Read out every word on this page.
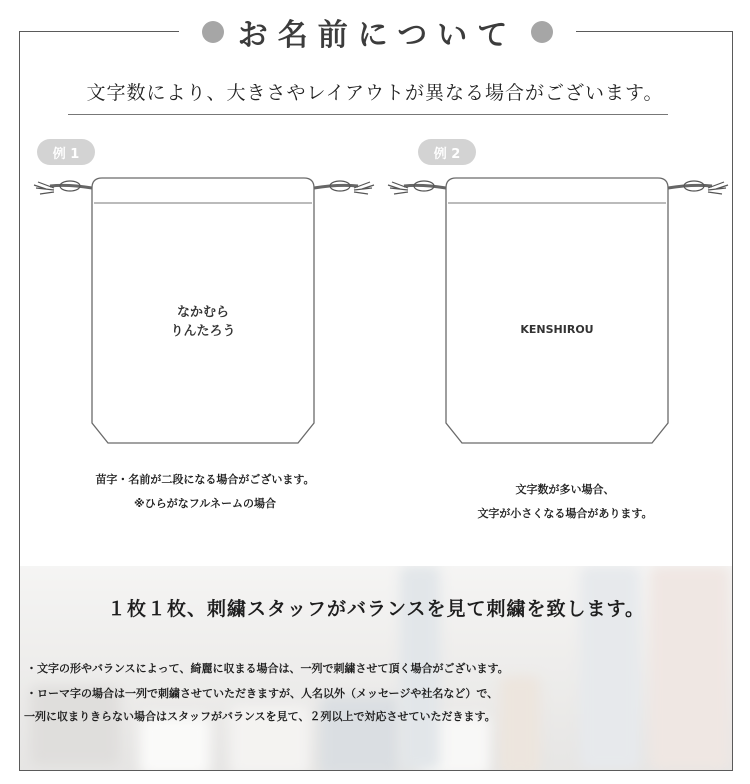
お名前について
文字数により、大きさやレイアウトが異なる場合がございます。
例 1
なかむら
りんたろう
苗字・名前が二段になる場合がございます。
※ひらがなフルネームの場合
例 2
KENSHIROU
文字数が多い場合、
文字が小さくなる場合があります。
１枚１枚、刺繍スタッフがバランスを見て刺繍を致します。
・文字の形やバランスによって、綺麗に収まる場合は、一列で刺繍させて頂く場合がございます。
・ローマ字の場合は一列で刺繍させていただきますが、人名以外（メッセージや社名など）で、
一列に収まりきらない場合はスタッフがバランスを見て、２列以上で対応させていただきます。
